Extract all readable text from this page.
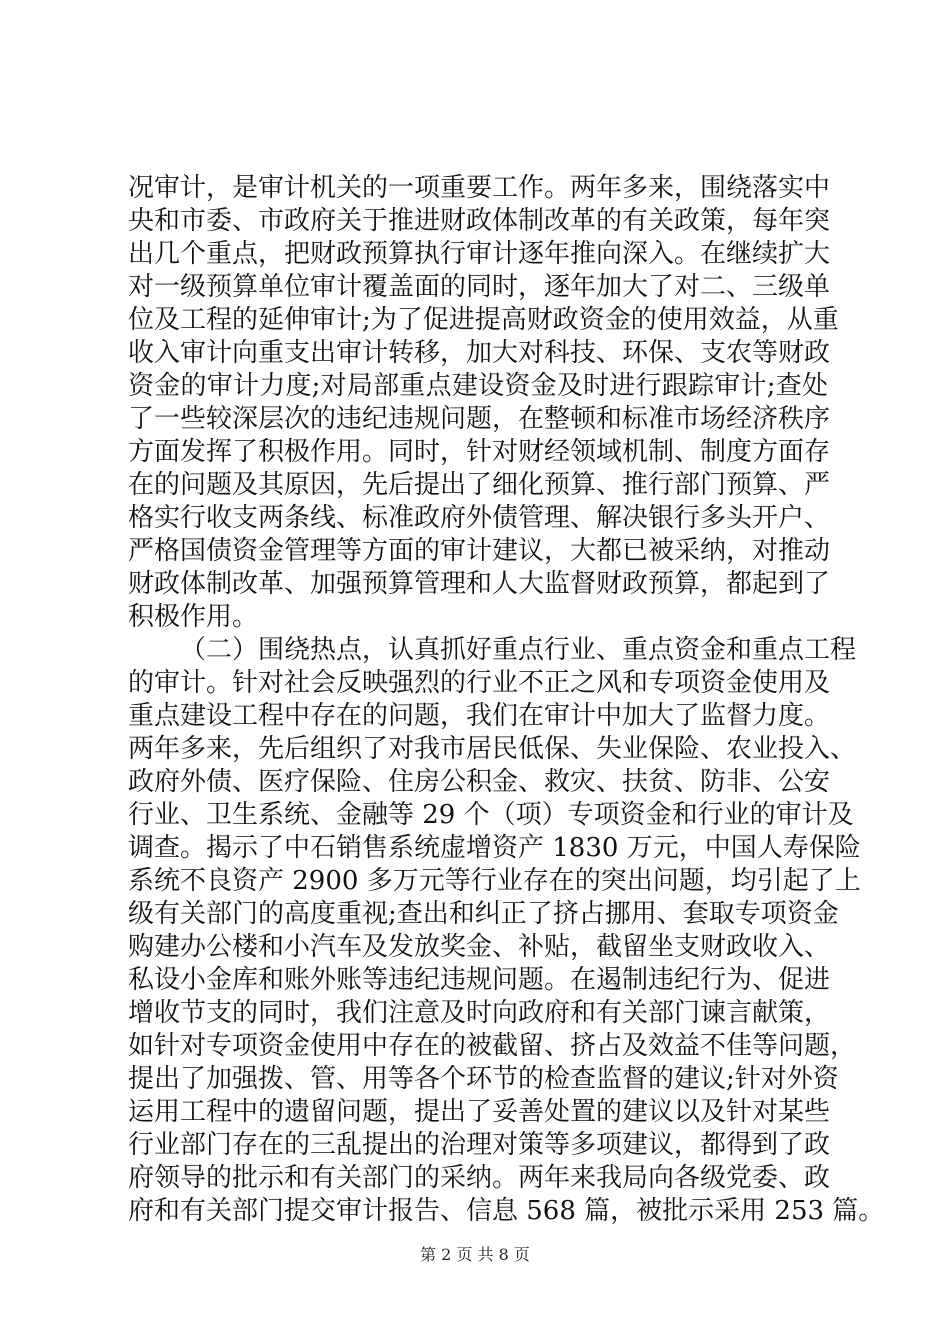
况审计，是审计机关的一项重要工作。两年多来，围绕落实中
央和市委、市政府关于推进财政体制改革的有关政策，每年突
出几个重点，把财政预算执行审计逐年推向深入。在继续扩大
对一级预算单位审计覆盖面的同时，逐年加大了对二、三级单
位及工程的延伸审计;为了促进提高财政资金的使用效益，从重
收入审计向重支出审计转移，加大对科技、环保、支农等财政
资金的审计力度;对局部重点建设资金及时进行跟踪审计;查处
了一些较深层次的违纪违规问题，在整顿和标准市场经济秩序
方面发挥了积极作用。同时，针对财经领域机制、制度方面存
在的问题及其原因，先后提出了细化预算、推行部门预算、严
格实行收支两条线、标准政府外债管理、解决银行多头开户、
严格国债资金管理等方面的审计建议，大都已被采纳，对推动
财政体制改革、加强预算管理和人大监督财政预算，都起到了
积极作用。
（二）围绕热点，认真抓好重点行业、重点资金和重点工程
的审计。针对社会反映强烈的行业不正之风和专项资金使用及
重点建设工程中存在的问题，我们在审计中加大了监督力度。
两年多来，先后组织了对我市居民低保、失业保险、农业投入、
政府外债、医疗保险、住房公积金、救灾、扶贫、防非、公安
行业、卫生系统、金融等 29 个（项）专项资金和行业的审计及
调查。揭示了中石销售系统虚增资产 1830 万元，中国人寿保险
系统不良资产 2900 多万元等行业存在的突出问题，均引起了上
级有关部门的高度重视;查出和纠正了挤占挪用、套取专项资金
购建办公楼和小汽车及发放奖金、补贴，截留坐支财政收入、
私设小金库和账外账等违纪违规问题。在遏制违纪行为、促进
增收节支的同时，我们注意及时向政府和有关部门谏言献策，
如针对专项资金使用中存在的被截留、挤占及效益不佳等问题，
提出了加强拨、管、用等各个环节的检查监督的建议;针对外资
运用工程中的遗留问题，提出了妥善处置的建议以及针对某些
行业部门存在的三乱提出的治理对策等多项建议，都得到了政
府领导的批示和有关部门的采纳。两年来我局向各级党委、政
府和有关部门提交审计报告、信息 568 篇，被批示采用 253 篇。
第 2 页 共 8 页
